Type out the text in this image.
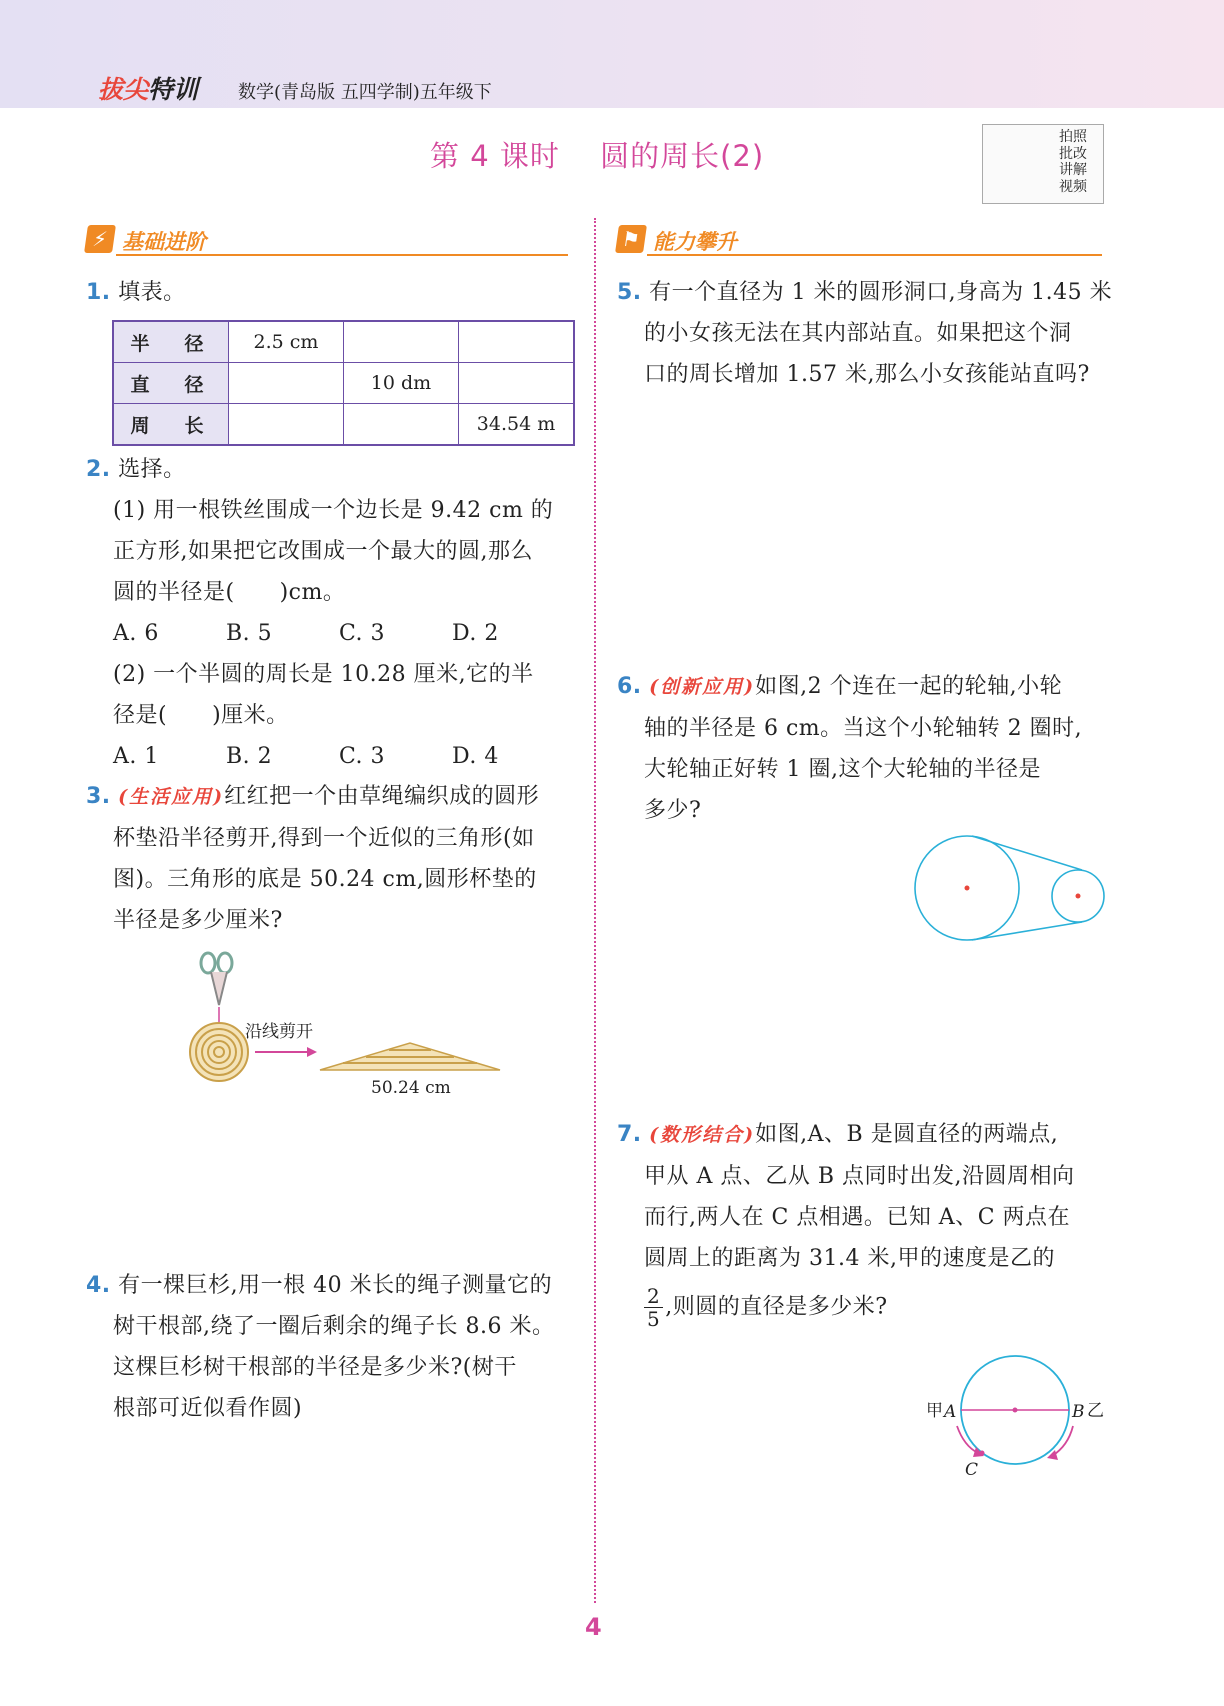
拔尖特训 数学(青岛版 五四学制)五年级下
第 4 课时　 圆的周长(2)
拍照批改讲解视频
⚡ 基础进阶	⚑ 能力攀升

1. 填表。

半　径	2.5 cm		
直　径		10 dm	
周　长			34.54 m

2. 选择。

(1) 用一根铁丝围成一个边长是 9.42 cm 的

正方形,如果把它改围成一个最大的圆,那么

圆的半径是(　　)cm。

A. 6	B. 5	C. 3	D. 2

(2) 一个半圆的周长是 10.28 厘米,它的半

径是(　　)厘米。

A. 1	B. 2	C. 3	D. 4

3. (生活应用)红红把一个由草绳编织成的圆形

杯垫沿半径剪开,得到一个近似的三角形(如

图)。三角形的底是 50.24 cm,圆形杯垫的

半径是多少厘米?

沿线剪开
50.24 cm

4. 有一棵巨杉,用一根 40 米长的绳子测量它的

树干根部,绕了一圈后剩余的绳子长 8.6 米。

这棵巨杉树干根部的半径是多少米?(树干

根部可近似看作圆)

5. 有一个直径为 1 米的圆形洞口,身高为 1.45 米

的小女孩无法在其内部站直。如果把这个洞

口的周长增加 1.57 米,那么小女孩能站直吗?

6. (创新应用)如图,2 个连在一起的轮轴,小轮

轴的半径是 6 cm。当这个小轮轴转 2 圈时,

大轮轴正好转 1 圈,这个大轮轴的半径是

多少?

7. (数形结合)如图,A、B 是圆直径的两端点,

甲从 A 点、乙从 B 点同时出发,沿圆周相向

而行,两人在 C 点相遇。已知 A、C 两点在

圆周上的距离为 31.4 米,甲的速度是乙的

$\frac{2}{5}$ ,则圆的直径是多少米?

甲 A	B 乙
C
4
